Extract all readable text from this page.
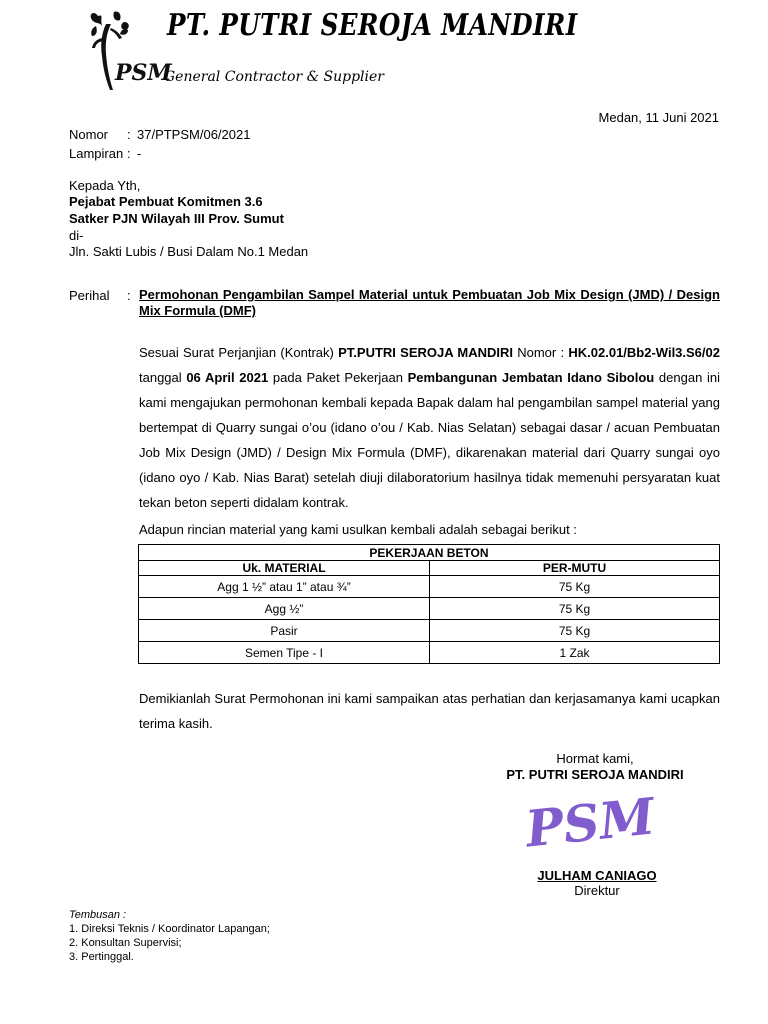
PSM
PT. PUTRI SEROJA MANDIRI
General Contractor & Supplier
Medan, 11 Juni 2021
Nomor : 37/PTPSM/06/2021
Lampiran : -
Kepada Yth,
Pejabat Pembuat Komitmen 3.6
Satker PJN Wilayah III Prov. Sumut
di-
Jln. Sakti Lubis / Busi Dalam No.1 Medan
Perihal : Permohonan Pengambilan Sampel Material untuk Pembuatan Job Mix Design (JMD) / Design Mix Formula (DMF)
Sesuai Surat Perjanjian (Kontrak) PT.PUTRI SEROJA MANDIRI Nomor : HK.02.01/Bb2-Wil3.S6/02 tanggal 06 April 2021 pada Paket Pekerjaan Pembangunan Jembatan Idano Sibolou dengan ini kami mengajukan permohonan kembali kepada Bapak dalam hal pengambilan sampel material yang bertempat di Quarry sungai o’ou (idano o’ou / Kab. Nias Selatan) sebagai dasar / acuan Pembuatan Job Mix Design (JMD) / Design Mix Formula (DMF), dikarenakan material dari Quarry sungai oyo (idano oyo / Kab. Nias Barat) setelah diuji dilaboratorium hasilnya tidak memenuhi persyaratan kuat tekan beton seperti didalam kontrak.
Adapun rincian material yang kami usulkan kembali adalah sebagai berikut :
PEKERJAAN BETON	
Uk. MATERIAL	PER-MUTU
Agg 1 ½” atau 1” atau ¾”	75 Kg
Agg ½”	75 Kg
Pasir	75 Kg
Semen Tipe - I	1 Zak
Demikianlah Surat Permohonan ini kami sampaikan atas perhatian dan kerjasamanya kami ucapkan terima kasih.
Hormat kami,
PT. PUTRI SEROJA MANDIRI
PSM
JULHAM CANIAGO
Direktur
Tembusan :
1. Direksi Teknis / Koordinator Lapangan;
2. Konsultan Supervisi;
3. Pertinggal.
